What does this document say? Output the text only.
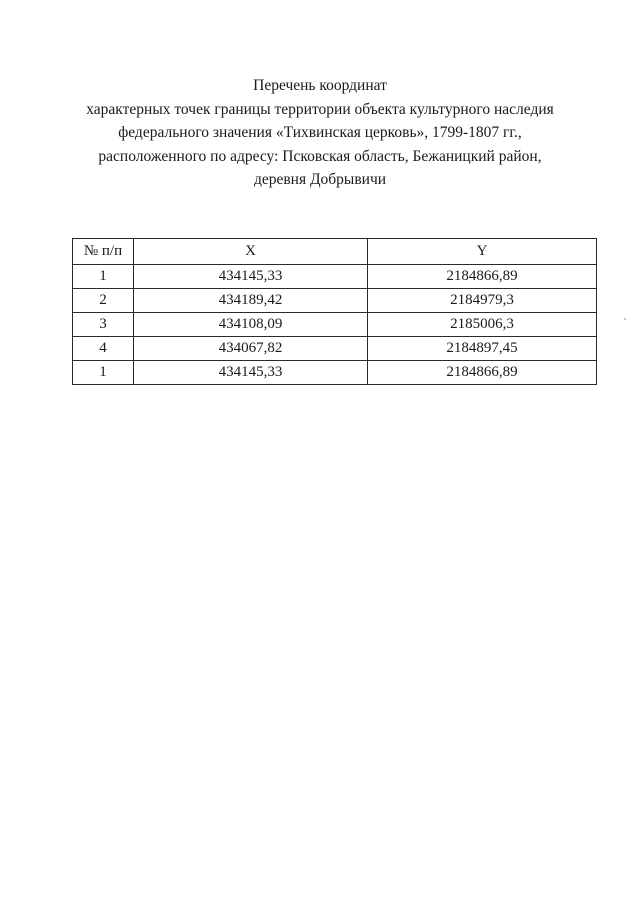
Перечень координат
характерных точек границы территории объекта культурного наследия
федерального значения «Тихвинская церковь», 1799-1807 гг.,
расположенного по адресу: Псковская область, Бежаницкий район,
деревня Добрывичи
№ п/п	X	Y
1	434145,33	2184866,89
2	434189,42	2184979,3
3	434108,09	2185006,3
4	434067,82	2184897,45
1	434145,33	2184866,89
